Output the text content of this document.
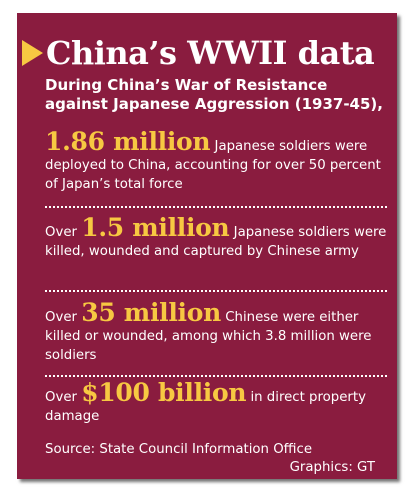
China’s WWII data
During China’s War of Resistance against Japanese Aggression (1937-45),
1.86 million Japanese soldiers were deployed to China, accounting for over 50 percent of Japan’s total force
Over 1.5 million Japanese soldiers were killed, wounded and captured by Chinese army
Over 35 million Chinese were either killed or wounded, among which 3.8 million were soldiers
Over $100 billion in direct property damage
Source: State Council Information Office
Graphics: GT
